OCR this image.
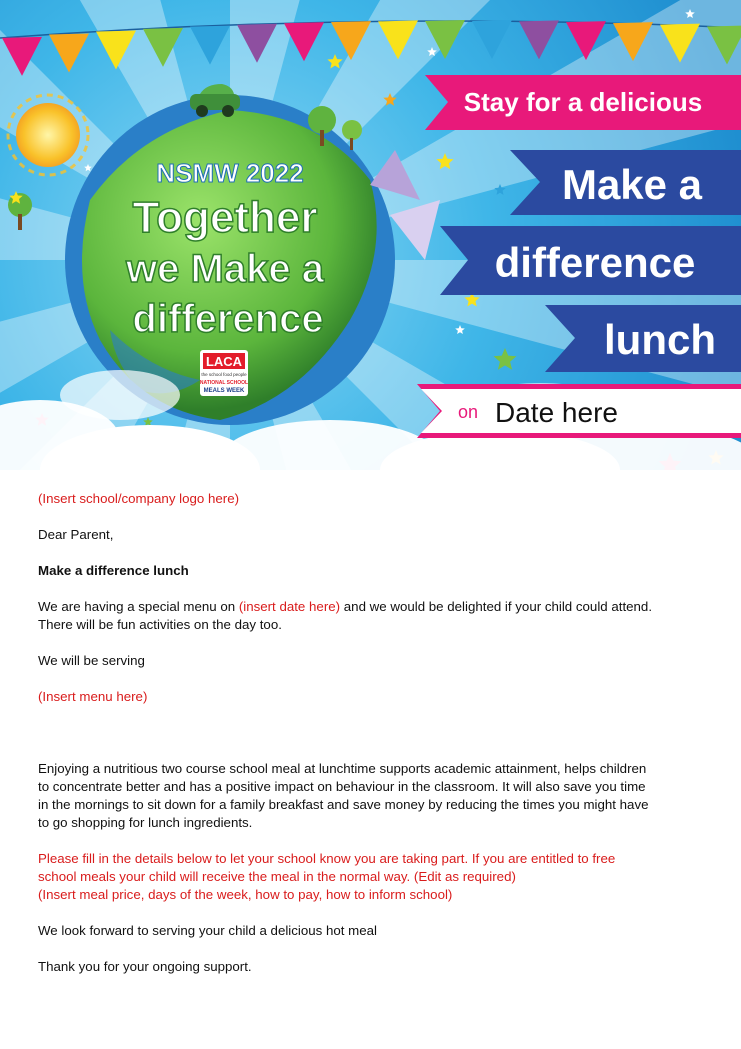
NSMW 2022
Together
we Make a
difference
LACA
the school food people
NATIONAL SCHOOL
MEALS WEEK
Stay for a delicious
Make a
difference
lunch
on Date here

(Insert school/company logo here)

Dear Parent,

Make a difference lunch

We are having a special menu on (insert date here) and we would be delighted if your child could attend.

There will be fun activities on the day too.

We will be serving

(Insert menu here)

Enjoying a nutritious two course school meal at lunchtime supports academic attainment, helps children

to concentrate better and has a positive impact on behaviour in the classroom. It will also save you time

in the mornings to sit down for a family breakfast and save money by reducing the times you might have

to go shopping for lunch ingredients.

Please fill in the details below to let your school know you are taking part. If you are entitled to free

school meals your child will receive the meal in the normal way. (Edit as required)

(Insert meal price, days of the week, how to pay, how to inform school)

We look forward to serving your child a delicious hot meal

Thank you for your ongoing support.
